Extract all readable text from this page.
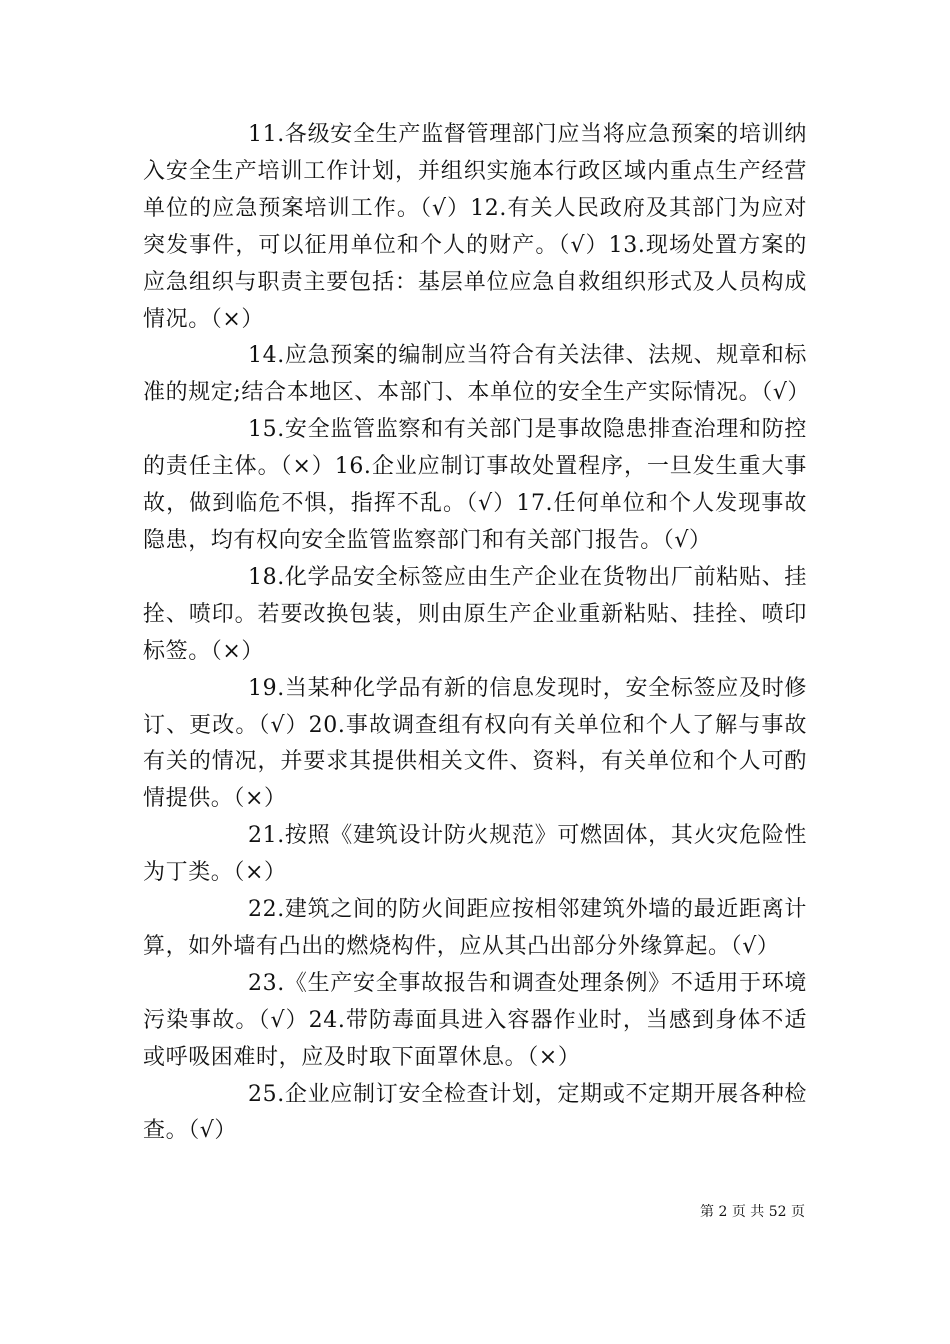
11.各级安全生产监督管理部门应当将应急预案的培训纳入安全生产培训工作计划，并组织实施本行政区域内重点生产经营单位的应急预案培训工作。（√）12.有关人民政府及其部门为应对突发事件，可以征用单位和个人的财产。（√）13.现场处置方案的应急组织与职责主要包括：基层单位应急自救组织形式及人员构成情况。（×）

14.应急预案的编制应当符合有关法律、法规、规章和标准的规定;结合本地区、本部门、本单位的安全生产实际情况。（√）

15.安全监管监察和有关部门是事故隐患排查治理和防控的责任主体。（×）16.企业应制订事故处置程序，一旦发生重大事故，做到临危不惧，指挥不乱。（√）17.任何单位和个人发现事故隐患，均有权向安全监管监察部门和有关部门报告。（√）

18.化学品安全标签应由生产企业在货物出厂前粘贴、挂拴、喷印。若要改换包装，则由原生产企业重新粘贴、挂拴、喷印标签。（×）

19.当某种化学品有新的信息发现时，安全标签应及时修订、更改。（√）20.事故调查组有权向有关单位和个人了解与事故有关的情况，并要求其提供相关文件、资料，有关单位和个人可酌情提供。（×）

21.按照《建筑设计防火规范》可燃固体，其火灾危险性为丁类。（×）

22.建筑之间的防火间距应按相邻建筑外墙的最近距离计算，如外墙有凸出的燃烧构件，应从其凸出部分外缘算起。（√）

23.《生产安全事故报告和调查处理条例》不适用于环境污染事故。（√）24.带防毒面具进入容器作业时，当感到身体不适或呼吸困难时，应及时取下面罩休息。（×）

25.企业应制订安全检查计划，定期或不定期开展各种检查。（√）

第 2 页 共 52 页
